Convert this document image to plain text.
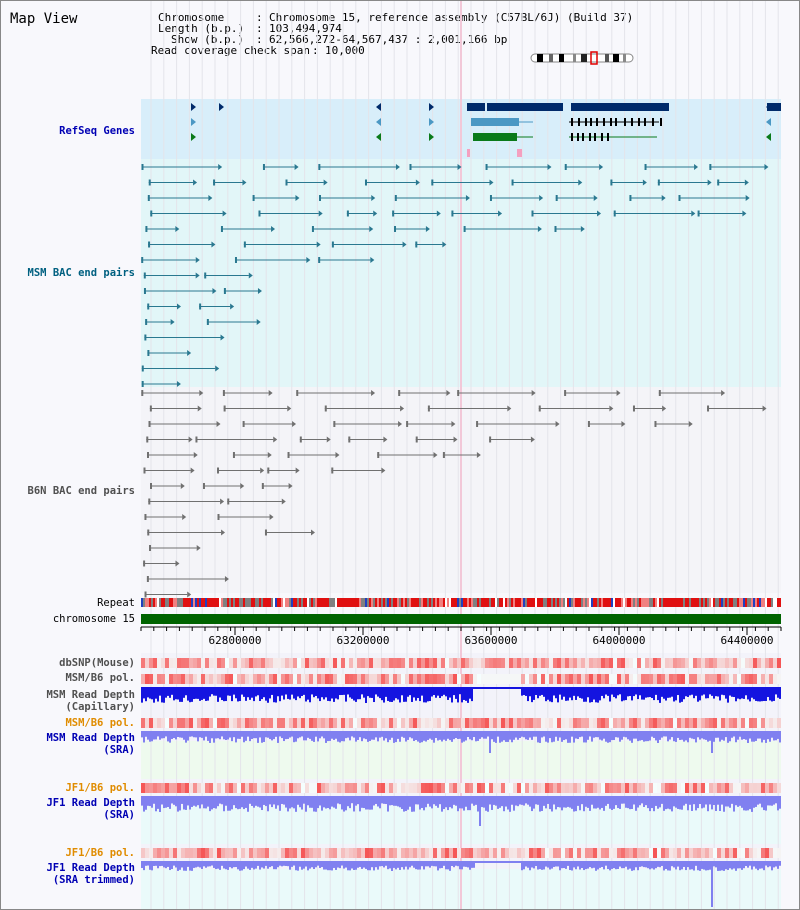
Map View	Chromosome	: Chromosome 15, reference assembly (C57BL/6J) (Build 37)
Length (b.p.) : 103,494,974
Show (b.p.) : 62,566,272-64,567,437 : 2,001,166 bp
Read coverage check span : 10,000
62800000	63200000	63600000	64000000	64400000
RefSeq Genes
MSM BAC end pairs
B6N BAC end pairs
Repeat
chromosome 15
dbSNP(Mouse)
MSM/B6 pol.
MSM Read Depth
(Capillary)
MSM/B6 pol.
MSM Read Depth
(SRA)
JF1/B6 pol.
JF1 Read Depth
(SRA)
JF1/B6 pol.
JF1 Read Depth
(SRA trimmed)
